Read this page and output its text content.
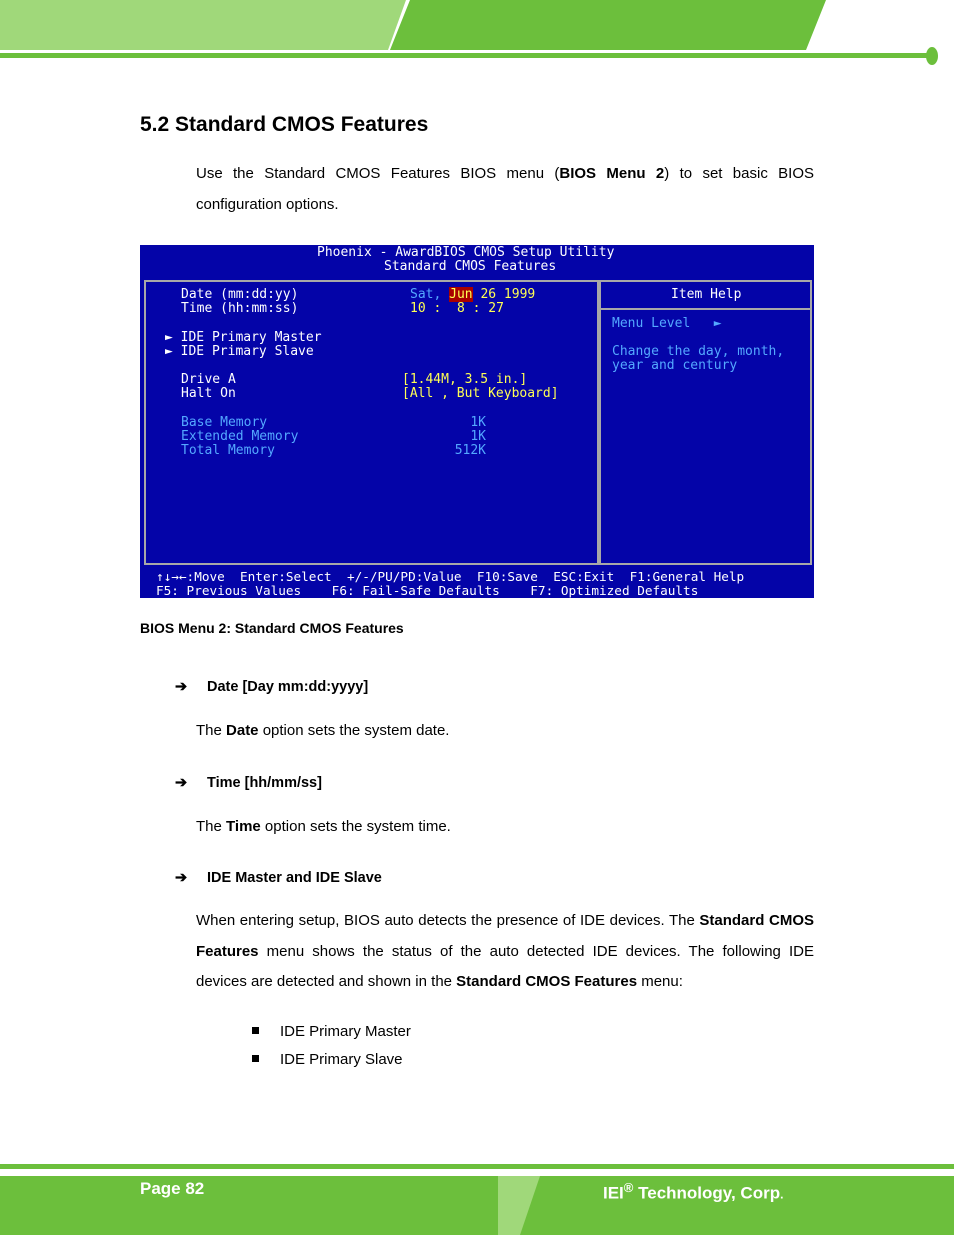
5.2 Standard CMOS Features
Use the Standard CMOS Features BIOS menu (BIOS Menu 2) to set basic BIOS configuration options.
Phoenix - AwardBIOS CMOS Setup Utility
Standard CMOS Features
Date (mm:dd:yy)	Sat, Jun 26 1999
Time (hh:mm:ss)	10 :  8 : 27
► IDE Primary Master
► IDE Primary Slave
Drive A	[1.44M, 3.5 in.]
Halt On	[All , But Keyboard]
Base Memory	1K
Extended Memory	1K
Total Memory	512K
Item Help
Menu Level   ►
Change the day, month,
year and century
↑↓→←:Move  Enter:Select  +/-/PU/PD:Value  F10:Save  ESC:Exit  F1:General Help
F5: Previous Values    F6: Fail-Safe Defaults    F7: Optimized Defaults
BIOS Menu 2: Standard CMOS Features
➔ Date [Day mm:dd:yyyy]
The Date option sets the system date.
➔ Time [hh/mm/ss]
The Time option sets the system time.
➔ IDE Master and IDE Slave
When entering setup, BIOS auto detects the presence of IDE devices. The Standard CMOS Features menu shows the status of the auto detected IDE devices. The following IDE devices are detected and shown in the Standard CMOS Features menu:
IDE Primary Master
IDE Primary Slave
Page 82	IEI® Technology, Corp.
